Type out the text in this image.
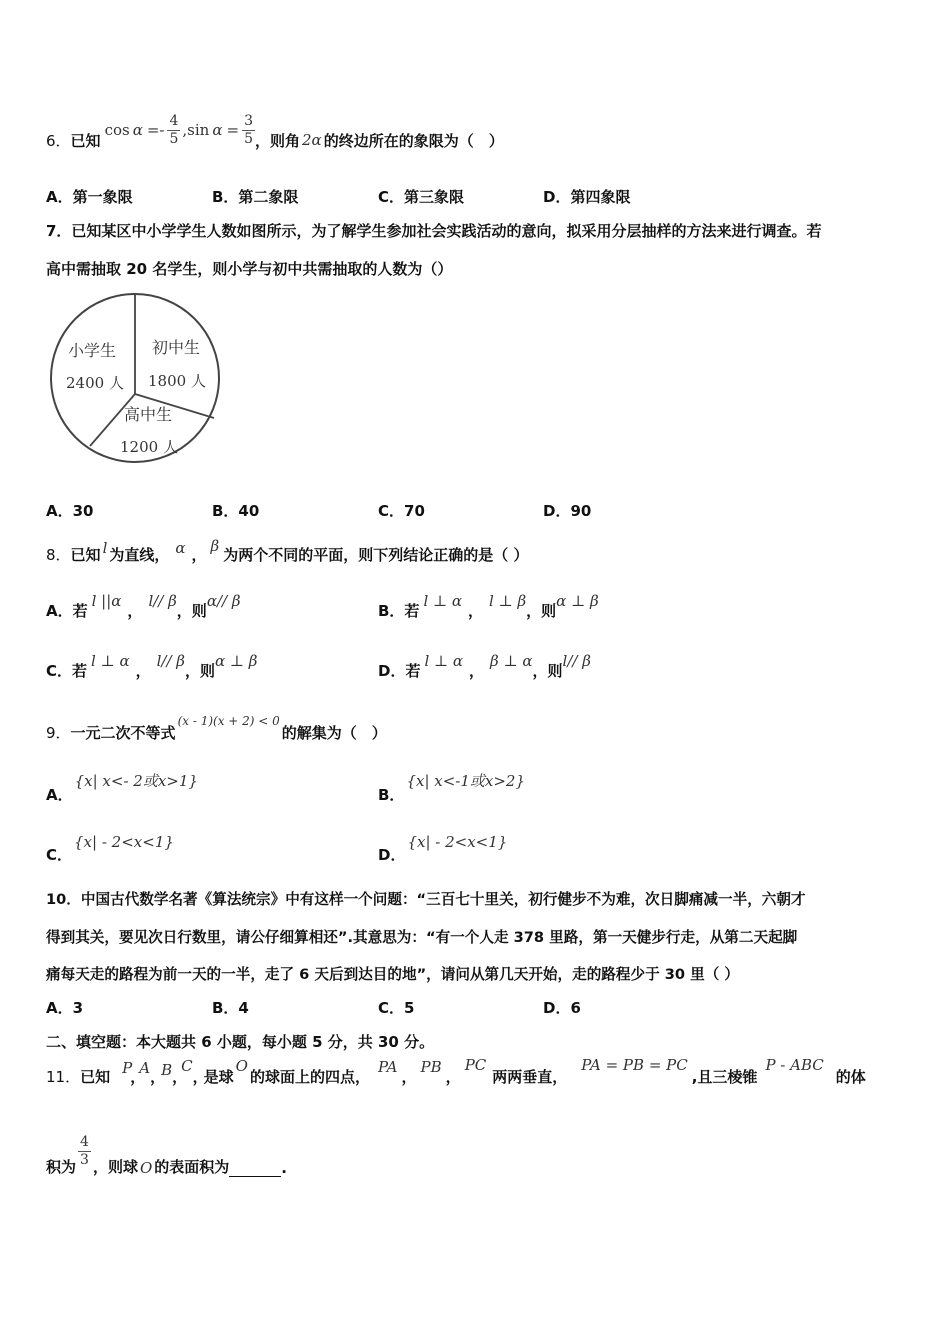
6． 已知
$\cos \alpha =- \frac{4}{5} ,\sin$ $\alpha = \frac{3}{5}$ ，则角 2α 的终边所在的象限为（　）
A．第一象限	B．第二象限	C．第三象限	D．第四象限
7．已知某区中小学学生人数如图所示，为了解学生参加社会实践活动的意向，拟采用分层抽样的方法来进行调查。若
高中需抽取 20 名学生，则小学与初中共需抽取的人数为（）
小学生
2400 人
初中生
1800 人
高中生
1200 人
A．30	B．40	C．70	D．90
8． 已知 l 为直线， α ，
β
为两个不同的平面，则下列结论正确的是（ ）
A．若
l ||α
，
l// β
，则
α// β
B．若
l ⊥ α
，
l ⊥ β
，则
α ⊥ β
C．若
l ⊥ α
，
l// β
，则
α ⊥ β
D．若
l ⊥ α
，
β ⊥ α
，则
l// β
9． 一元二次不等式
(x - 1)(x + 2) < 0
的解集为（　）
A．
{x| x<- 2或x>1}
B．
{x| x<-1或x>2}
C．
{x| - 2<x<1}
D．
{x| - 2<x<1}
10．中国古代数学名著《算法统宗》中有这样一个问题：“三百七十里关，初行健步不为难，次日脚痛减一半，六朝才
得到其关，要见次日行数里，请公仔细算相还”.其意思为：“有一个人走 378 里路，第一天健步行走，从第二天起脚
痛每天走的路程为前一天的一半，走了 6 天后到达目的地”，请问从第几天开始，走的路程少于 30 里（ ）
A．3	B．4	C．5	D．6
二、填空题：本大题共 6 小题，每小题 5 分，共 30 分。
11． 已知
P
，
A
，
B ，
C
，
是球
O
的球面上的四点，
PA
，
PB
，
PC
两两垂直，
PA = PB = PC
,且三棱锥
P - ABC
的体
积为 $\frac{4}{3}$ ，则球 O 的表面积为	.
